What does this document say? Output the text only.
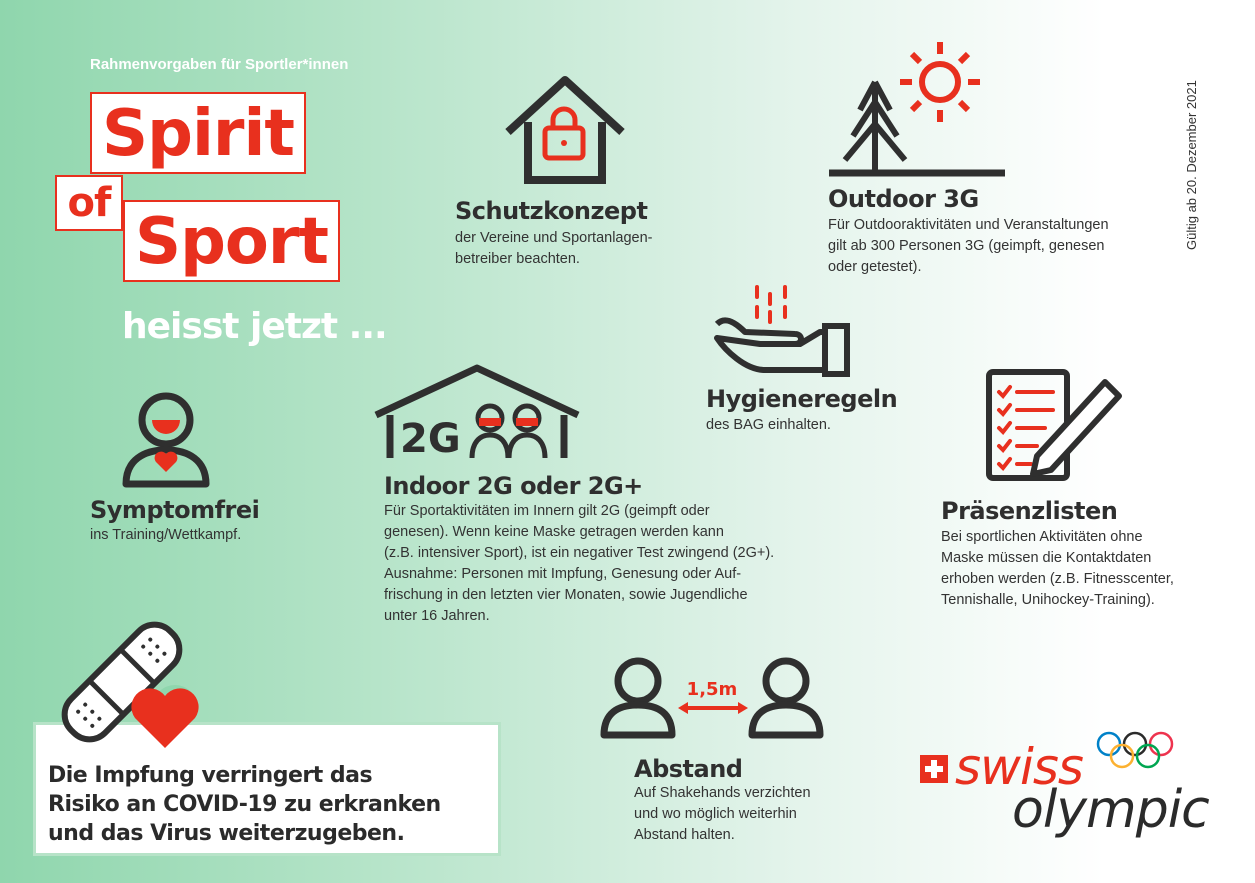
Rahmenvorgaben für Sportler*innen
Spirit
of
Sport
heisst jetzt ...
Gültig ab 20. Dezember 2021
Schutzkonzept
der Vereine und Sportanlagen-
betreiber beachten.
Outdoor 3G
Für Outdooraktivitäten und Veranstaltungen
gilt ab 300 Personen 3G (geimpft, genesen
oder getestet).
Hygieneregeln
des BAG einhalten.
Symptomfrei
ins Training/Wettkampf.
2G
Indoor 2G oder 2G+
Für Sportaktivitäten im Innern gilt 2G (geimpft oder
genesen). Wenn keine Maske getragen werden kann
(z.B. intensiver Sport), ist ein negativer Test zwingend (2G+).
Ausnahme: Personen mit Impfung, Genesung oder Auf-
frischung in den letzten vier Monaten, sowie Jugendliche
unter 16 Jahren.
Präsenzlisten
Bei sportlichen Aktivitäten ohne
Maske müssen die Kontaktdaten
erhoben werden (z.B. Fitnesscenter,
Tennishalle, Unihockey-Training).
1,5m
Abstand
Auf Shakehands verzichten
und wo möglich weiterhin
Abstand halten.
Die Impfung verringert das
Risiko an COVID-19 zu erkranken
und das Virus weiterzugeben.
swiss
olympic
